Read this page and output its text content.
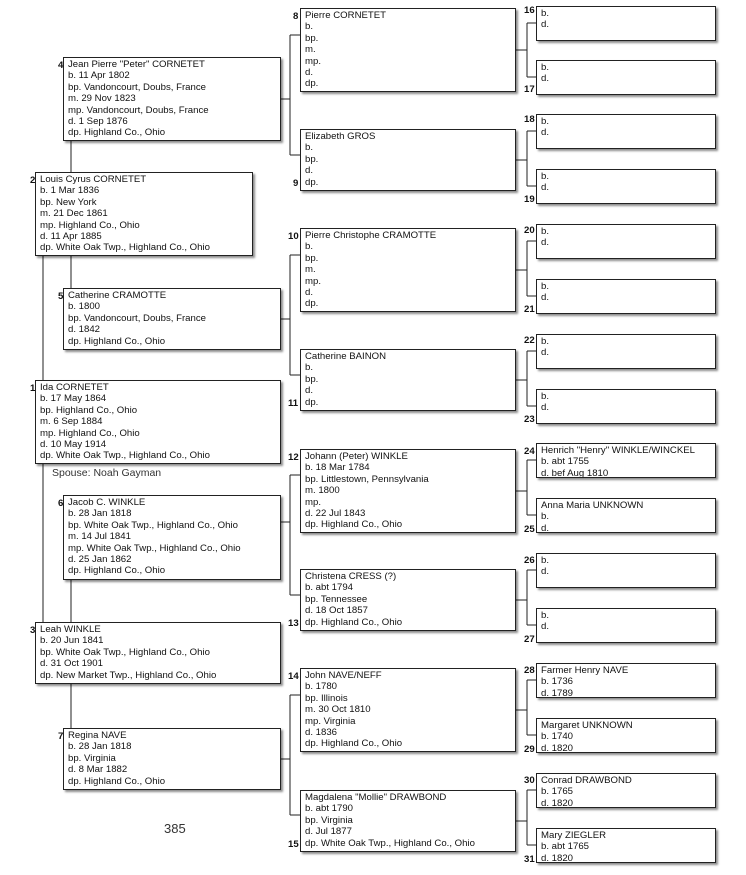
Spouse: Noah Gayman
385
Ida CORNETET
b. 17 May 1864
bp. Highland Co., Ohio
m. 6 Sep 1884
mp. Highland Co., Ohio
d. 10 May 1914
dp. White Oak Twp., Highland Co., Ohio
Louis Cyrus CORNETET
b. 1 Mar 1836
bp. New York
m. 21 Dec 1861
mp. Highland Co., Ohio
d. 11 Apr 1885
dp. White Oak Twp., Highland Co., Ohio
Leah WINKLE
b. 20 Jun 1841
bp. White Oak Twp., Highland Co., Ohio
d. 31 Oct 1901
dp. New Market Twp., Highland Co., Ohio
Jean Pierre "Peter" CORNETET
b. 11 Apr 1802
bp. Vandoncourt, Doubs, France
m. 29 Nov 1823
mp. Vandoncourt, Doubs, France
d. 1 Sep 1876
dp. Highland Co., Ohio
Catherine CRAMOTTE
b. 1800
bp. Vandoncourt, Doubs, France
d. 1842
dp. Highland Co., Ohio
Jacob C. WINKLE
b. 28 Jan 1818
bp. White Oak Twp., Highland Co., Ohio
m. 14 Jul 1841
mp. White Oak Twp., Highland Co., Ohio
d. 25 Jan 1862
dp. Highland Co., Ohio
Regina NAVE
b. 28 Jan 1818
bp. Virginia
d. 8 Mar 1882
dp. Highland Co., Ohio
Pierre CORNETET
b.
bp.
m.
mp.
d.
dp.
Elizabeth GROS
b.
bp.
d.
dp.
Pierre Christophe CRAMOTTE
b.
bp.
m.
mp.
d.
dp.
Catherine BAINON
b.
bp.
d.
dp.
Johann (Peter) WINKLE
b. 18 Mar 1784
bp. Littlestown, Pennsylvania
m. 1800
mp.
d. 22 Jul 1843
dp. Highland Co., Ohio
Christena CRESS (?)
b. abt 1794
bp. Tennessee
d. 18 Oct 1857
dp. Highland Co., Ohio
John NAVE/NEFF
b. 1780
bp. Illinois
m. 30 Oct 1810
mp. Virginia
d. 1836
dp. Highland Co., Ohio
Magdalena "Mollie" DRAWBOND
b. abt 1790
bp. Virginia
d. Jul 1877
dp. White Oak Twp., Highland Co., Ohio
b.
d.
b.
d.
b.
d.
b.
d.
b.
d.
b.
d.
b.
d.
b.
d.
Henrich "Henry" WINKLE/WINCKEL
b. abt 1755
d. bef Aug 1810
Anna Maria UNKNOWN
b.
d.
b.
d.
b.
d.
Farmer Henry NAVE
b. 1736
d. 1789
Margaret UNKNOWN
b. 1740
d. 1820
Conrad DRAWBOND
b. 1765
d. 1820
Mary ZIEGLER
b. abt 1765
d. 1820
1
2
3
4
5
6
7
8
9
10
11
12
13
14
15
16
17
18
19
20
21
22
23
24
25
26
27
28
29
30
31
